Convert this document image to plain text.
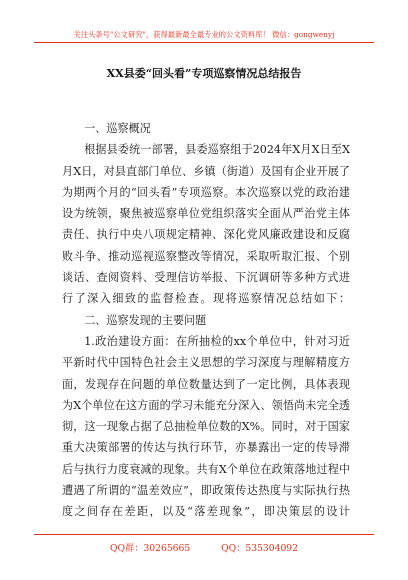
关注头条号"公文研究"，获得最新最全最专业的公文资料库！ 微信：gongwenyj
XX县委“回头看”专项巡察情况总结报告

一、巡察概况

根据县委统一部署，县委巡察组于2024年X月X日至X月X日，对县直部门单位、乡镇（街道）及国有企业开展了为期两个月的“回头看”专项巡察。本次巡察以党的政治建设为统领，聚焦被巡察单位党组织落实全面从严治党主体责任、执行中央八项规定精神、深化党风廉政建设和反腐败斗争、推动巡视巡察整改等情况，采取听取汇报、个别谈话、查阅资料、受理信访举报、下沉调研等多种方式进行了深入细致的监督检查。现将巡察情况总结如下：

二、巡察发现的主要问题

1.政治建设方面：在所抽检的xx个单位中，针对习近平新时代中国特色社会主义思想的学习深度与理解精度方面，发现存在问题的单位数量达到了一定比例，具体表现为X个单位在这方面的学习未能充分深入、领悟尚未完全透彻，这一现象占据了总抽检单位数的X%。同时，对于国家重大决策部署的传达与执行环节，亦暴露出一定的传导滞后与执行力度衰减的现象。共有X个单位在政策落地过程中遭遇了所谓的“温差效应”，即政策传达热度与实际执行热度之间存在差距，以及“落差现象”，即决策层的设计

QQ群：30265665	QQ：535304092
